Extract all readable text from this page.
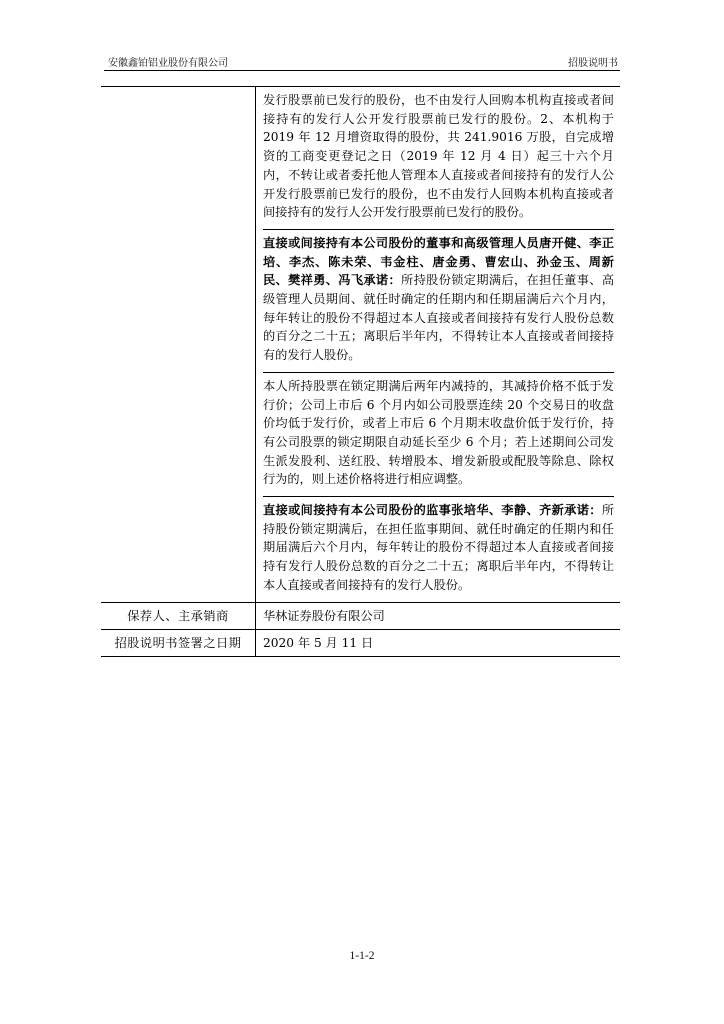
安徽鑫铂铝业股份有限公司	招股说明书

	发行股票前已发行的股份，也不由发行人回购本机构直接或者间接持有的发行人公开发行股票前已发行的股份。2、本机构于2019 年 12 月增资取得的股份，共 241.9016 万股，自完成增资的工商变更登记之日（2019 年 12 月 4 日）起三十六个月内，不转让或者委托他人管理本人直接或者间接持有的发行人公开发行股票前已发行的股份，也不由发行人回购本机构直接或者间接持有的发行人公开发行股票前已发行的股份。

直接或间接持有本公司股份的董事和高级管理人员唐开健、李正培、李杰、陈未荣、韦金柱、唐金勇、曹宏山、孙金玉、周新民、樊祥勇、冯飞承诺：所持股份锁定期满后，在担任董事、高级管理人员期间、就任时确定的任期内和任期届满后六个月内，每年转让的股份不得超过本人直接或者间接持有发行人股份总数的百分之二十五；离职后半年内，不得转让本人直接或者间接持有的发行人股份。

本人所持股票在锁定期满后两年内减持的，其减持价格不低于发行价；公司上市后 6 个月内如公司股票连续 20 个交易日的收盘价均低于发行价，或者上市后 6 个月期末收盘价低于发行价，持有公司股票的锁定期限自动延长至少 6 个月；若上述期间公司发生派发股利、送红股、转增股本、增发新股或配股等除息、除权行为的，则上述价格将进行相应调整。

直接或间接持有本公司股份的监事张培华、李静、齐新承诺：所持股份锁定期满后，在担任监事期间、就任时确定的任期内和任期届满后六个月内，每年转让的股份不得超过本人直接或者间接持有发行人股份总数的百分之二十五；离职后半年内，不得转让本人直接或者间接持有的发行人股份。

保荐人、主承销商	华林证券股份有限公司
招股说明书签署之日期	2020 年 5 月 11 日
1-1-2
